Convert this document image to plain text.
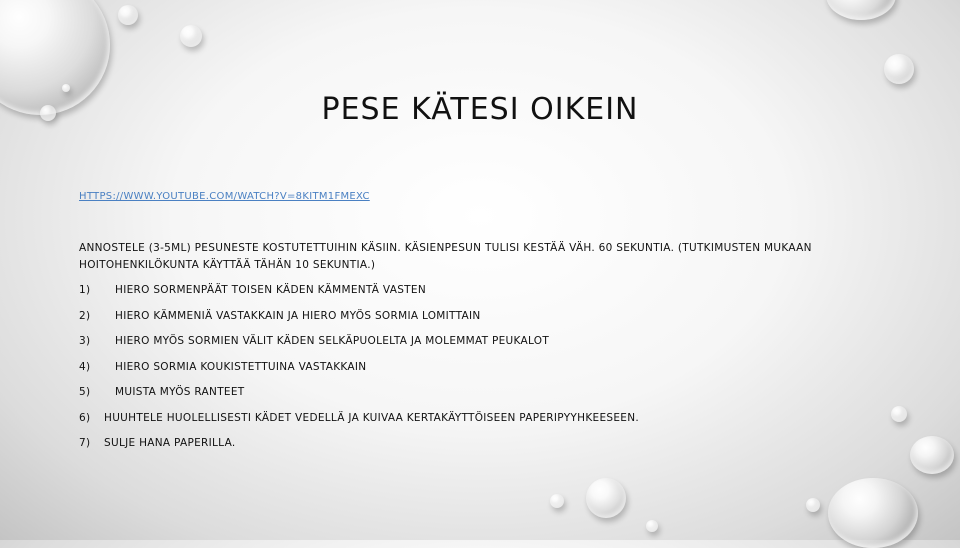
PESE KÄTESI OIKEIN
HTTPS://WWW.YOUTUBE.COM/WATCH?V=8KITM1FMEXC
ANNOSTELE (3-5ML) PESUNESTE KOSTUTETTUIHIN KÄSIIN. KÄSIENPESUN TULISI KESTÄÄ VÄH. 60 SEKUNTIA. (TUTKIMUSTEN MUKAAN HOITOHENKILÖKUNTA KÄYTTÄÄ TÄHÄN 10 SEKUNTIA.)
1) HIERO SORMENPÄÄT TOISEN KÄDEN KÄMMENTÄ VASTEN
2) HIERO KÄMMENIÄ VASTAKKAIN JA HIERO MYÖS SORMIA LOMITTAIN
3) HIERO MYÖS SORMIEN VÄLIT KÄDEN SELKÄPUOLELTA JA MOLEMMAT PEUKALOT
4) HIERO SORMIA KOUKISTETTUINA VASTAKKAIN
5) MUISTA MYÖS RANTEET
6) HUUHTELE HUOLELLISESTI KÄDET VEDELLÄ JA KUIVAA KERTAKÄYTTÖISEEN PAPERIPYYHKEESEEN.
7) SULJE HANA PAPERILLA.
